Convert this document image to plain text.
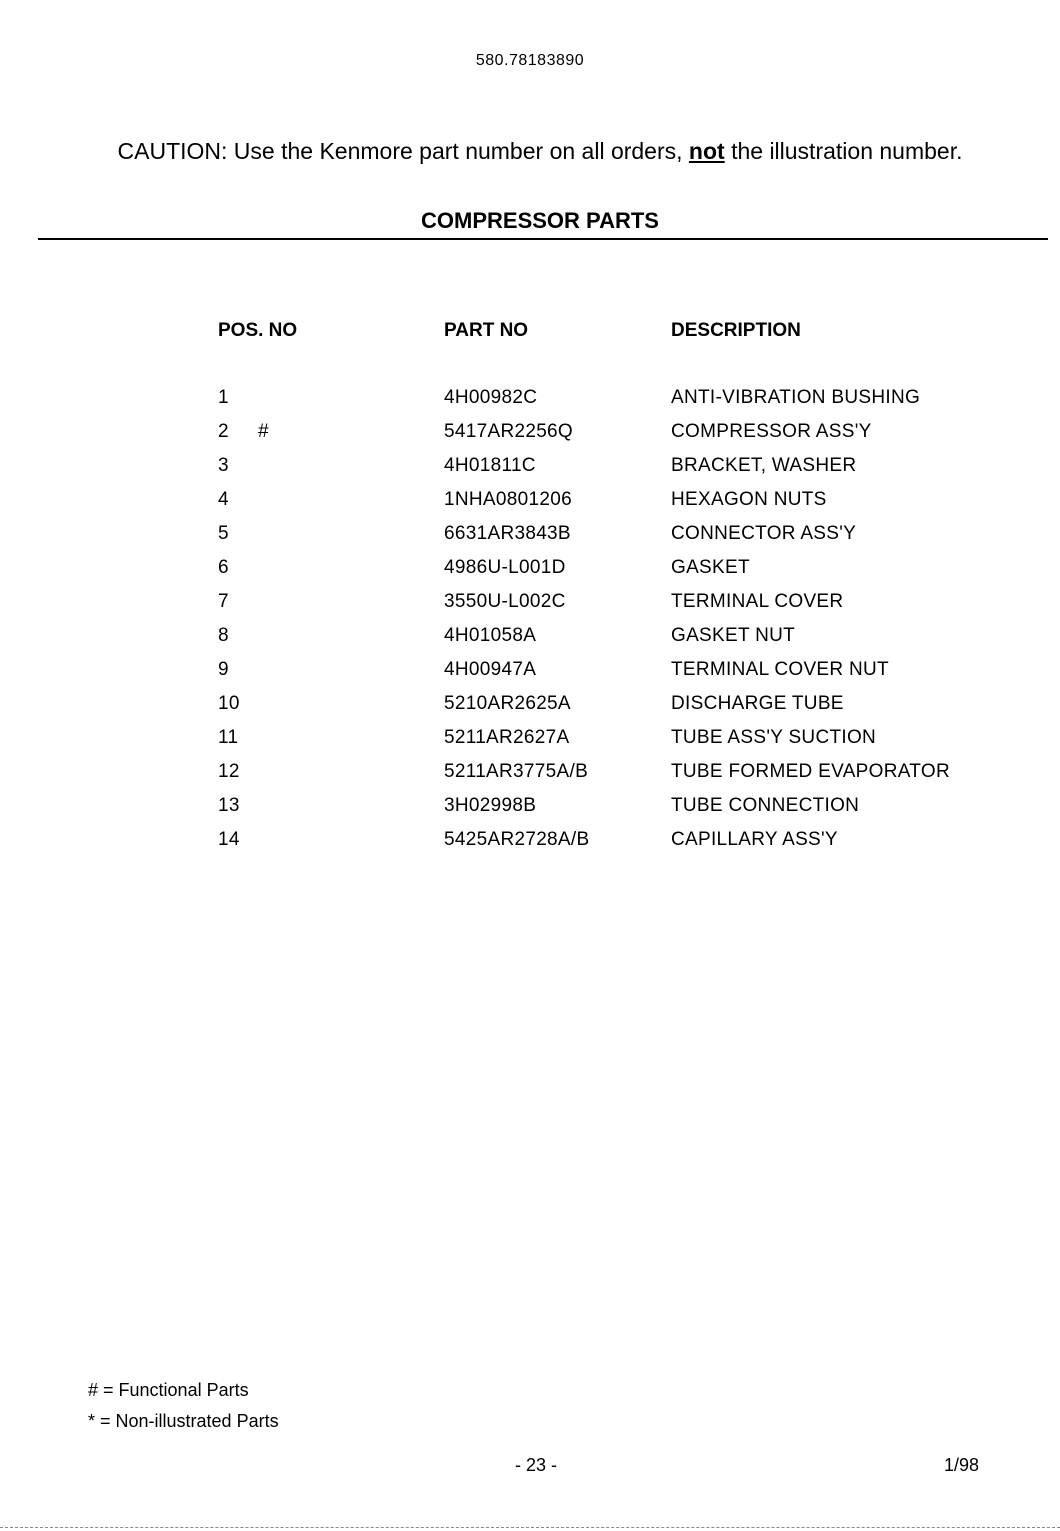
580.78183890
CAUTION: Use the Kenmore part number on all orders, not the illustration number.
COMPRESSOR PARTS
POS. NO	PART NO	DESCRIPTION
1	4H00982C	ANTI-VIBRATION BUSHING
2 #	5417AR2256Q	COMPRESSOR ASS'Y
3	4H01811C	BRACKET, WASHER
4	1NHA0801206	HEXAGON NUTS
5	6631AR3843B	CONNECTOR ASS'Y
6	4986U-L001D	GASKET
7	3550U-L002C	TERMINAL COVER
8	4H01058A	GASKET NUT
9	4H00947A	TERMINAL COVER NUT
10	5210AR2625A	DISCHARGE TUBE
11	5211AR2627A	TUBE ASS'Y SUCTION
12	5211AR3775A/B	TUBE FORMED EVAPORATOR
13	3H02998B	TUBE CONNECTION
14	5425AR2728A/B	CAPILLARY ASS'Y
# = Functional Parts
* = Non-illustrated Parts
- 23 -	1/98
